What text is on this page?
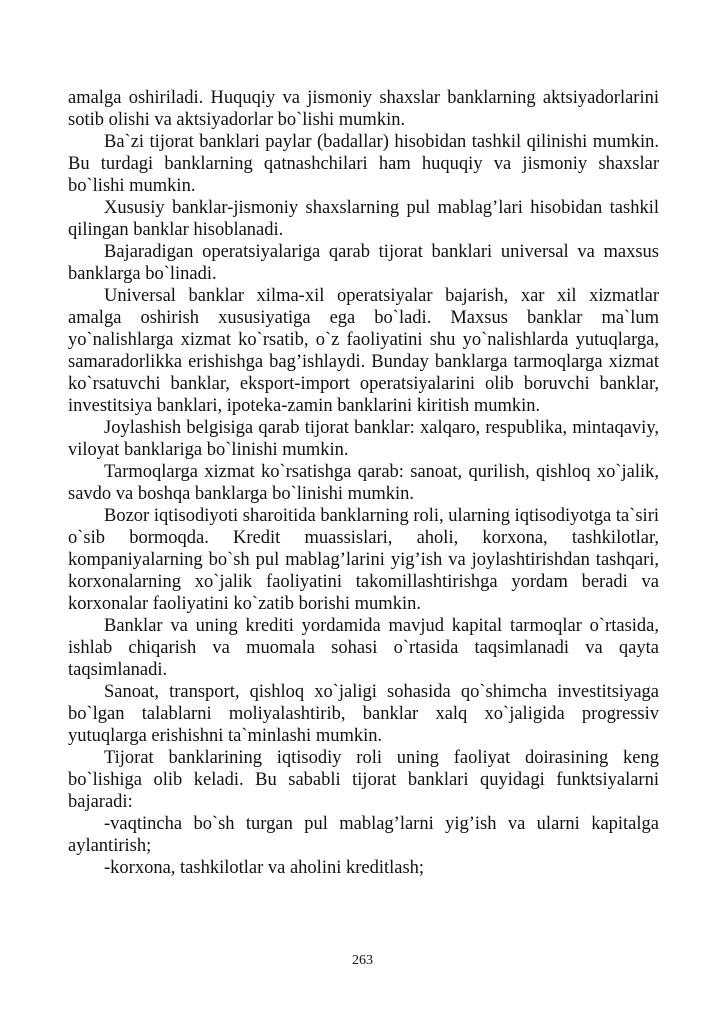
amalga oshiriladi. Huquqiy va jismoniy shaxslar banklarning aktsiyadorlarini sotib olishi va aktsiyadorlar bo`lishi mumkin.

Ba`zi tijorat banklari paylar (badallar) hisobidan tashkil qilinishi mumkin. Bu turdagi banklarning qatnashchilari ham huquqiy va jismoniy shaxslar bo`lishi mumkin.

Xususiy banklar-jismoniy shaxslarning pul mablag’lari hisobidan tashkil qilingan banklar hisoblanadi.

Bajaradigan operatsiyalariga qarab tijorat banklari universal va maxsus banklarga bo`linadi.

Universal banklar xilma-xil operatsiyalar bajarish, xar xil xizmatlar amalga oshirish xususiyatiga ega bo`ladi. Maxsus banklar ma`lum yo`nalishlarga xizmat ko`rsatib, o`z faoliyatini shu yo`nalishlarda yutuqlarga, samaradorlikka erishishga bag’ishlaydi. Bunday banklarga tarmoqlarga xizmat ko`rsatuvchi banklar, eksport-import operatsiyalarini olib boruvchi banklar, investitsiya banklari, ipoteka-zamin banklarini kiritish mumkin.

Joylashish belgisiga qarab tijorat banklar: xalqaro, respublika, mintaqaviy, viloyat banklariga bo`linishi mumkin.

Tarmoqlarga xizmat ko`rsatishga qarab: sanoat, qurilish, qishloq xo`jalik, savdo va boshqa banklarga bo`linishi mumkin.

Bozor iqtisodiyoti sharoitida banklarning roli, ularning iqtisodiyotga ta`siri o`sib bormoqda. Kredit muassislari, aholi, korxona, tashkilotlar, kompaniyalarning bo`sh pul mablag’larini yig’ish va joylashtirishdan tashqari, korxonalarning xo`jalik faoliyatini takomillashtirishga yordam beradi va korxonalar faoliyatini ko`zatib borishi mumkin.

Banklar va uning krediti yordamida mavjud kapital tarmoqlar o`rtasida, ishlab chiqarish va muomala sohasi o`rtasida taqsimlanadi va qayta taqsimlanadi.

Sanoat, transport, qishloq xo`jaligi sohasida qo`shimcha investitsiyaga bo`lgan talablarni moliyalashtirib, banklar xalq xo`jaligida progressiv yutuqlarga erishishni ta`minlashi mumkin.

Tijorat banklarining iqtisodiy roli uning faoliyat doirasining keng bo`lishiga olib keladi. Bu sababli tijorat banklari quyidagi funktsiyalarni bajaradi:

-vaqtincha bo`sh turgan pul mablag’larni yig’ish va ularni kapitalga aylantirish;

-korxona, tashkilotlar va aholini kreditlash;

263
